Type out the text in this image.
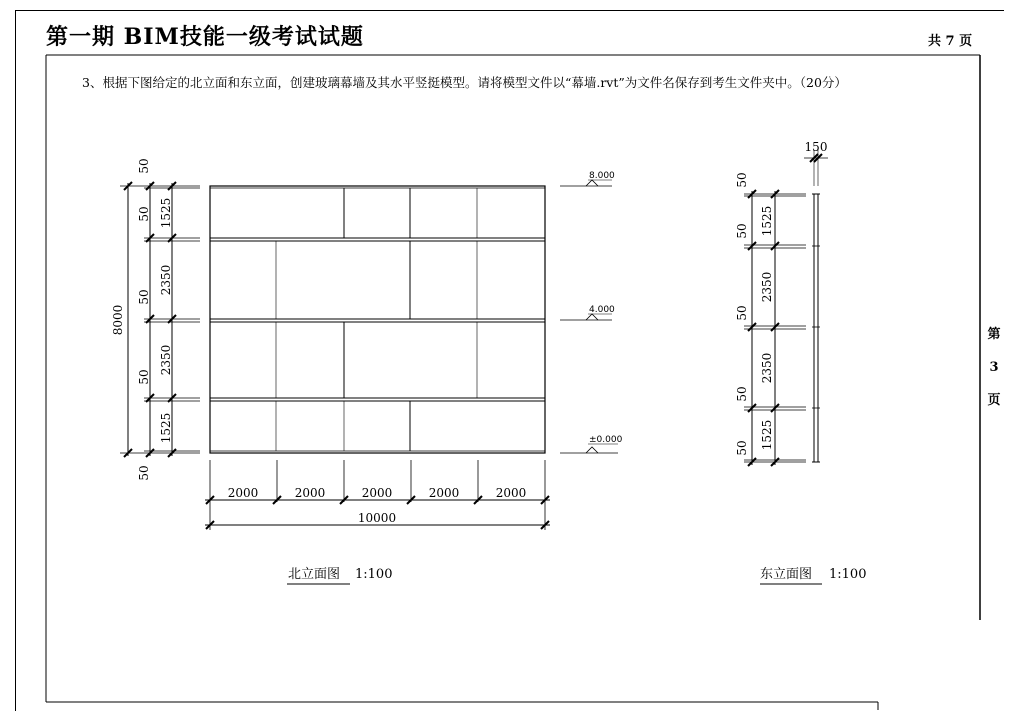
第一期 BIM技能一级考试试题	共 7 页
3、根据下图给定的北立面和东立面，创建玻璃幕墙及其水平竖挺模型。请将模型文件以“幕墙.rvt”为文件名保存到考生文件夹中。（20分）
第
3
页
8000
50
1525
50
2350
50
2350
50
1525
50
2000	2000	2000	2000	2000
10000
8.000
4.000
±0.000
北立面图 1:100
150
50
1525
50
2350
50
2350
50
1525
50
东立面图 1:100
